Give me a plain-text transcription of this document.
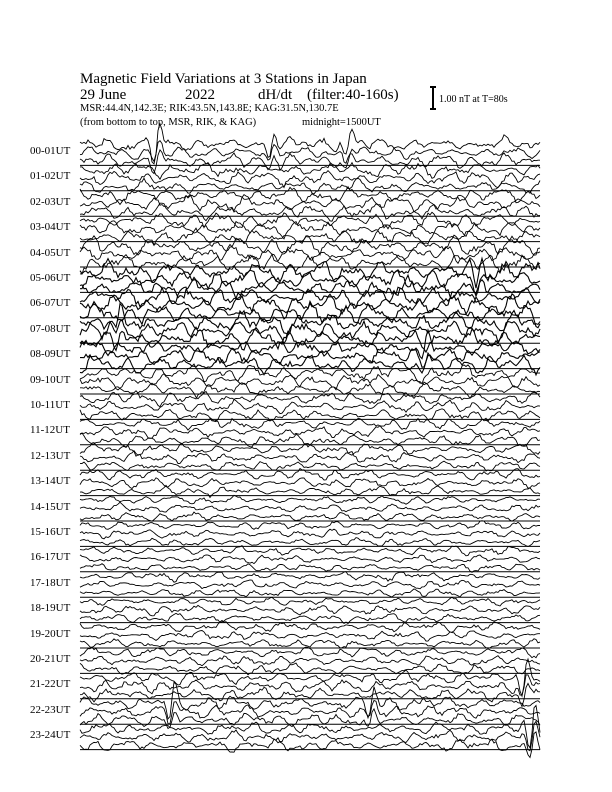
Magnetic Field Variations at 3 Stations in Japan
29 June	2022	dH/dt (filter:40-160s)
MSR:44.4N,142.3E; RIK:43.5N,143.8E; KAG:31.5N,130.7E
(from bottom to top, MSR, RIK, & KAG)	midnight=1500UT
1.00 nT at T=80s
00-01UT
01-02UT
02-03UT
03-04UT
04-05UT
05-06UT
06-07UT
07-08UT
08-09UT
09-10UT
10-11UT
11-12UT
12-13UT
13-14UT
14-15UT
15-16UT
16-17UT
17-18UT
18-19UT
19-20UT
20-21UT
21-22UT
22-23UT
23-24UT
